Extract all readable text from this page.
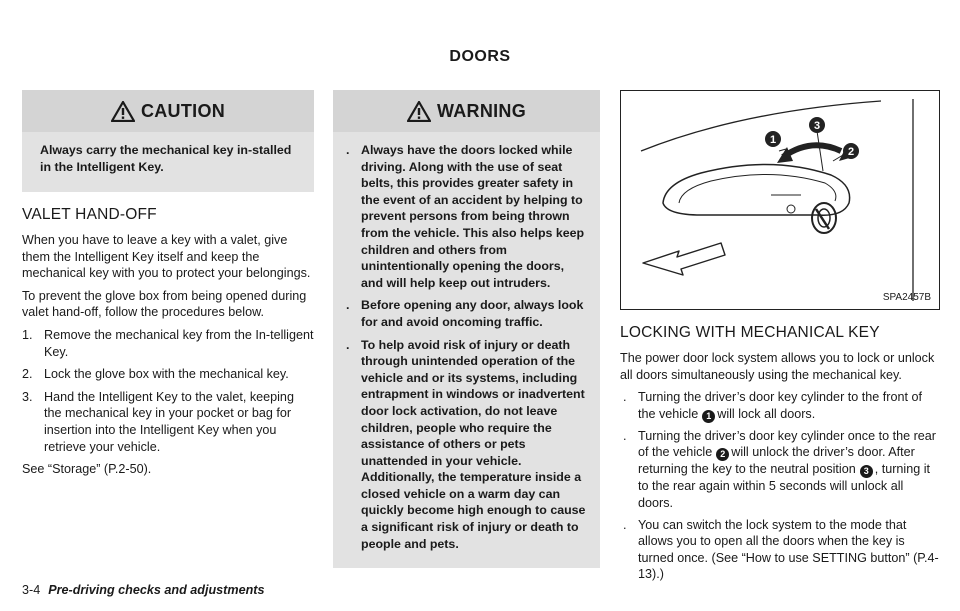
DOORS
CAUTION
Always carry the mechanical key in-stalled in the Intelligent Key.
VALET HAND-OFF

When you have to leave a key with a valet, give them the Intelligent Key itself and keep the mechanical key with you to protect your belongings.

To prevent the glove box from being opened during valet hand-off, follow the procedures below.

1. Remove the mechanical key from the In-telligent Key.
2. Lock the glove box with the mechanical key.
3. Hand the Intelligent Key to the valet, keeping the mechanical key in your pocket or bag for insertion into the Intelligent Key when you retrieve your vehicle.

See “Storage” (P.2-50).

WARNING
. Always have the doors locked while driving. Along with the use of seat belts, this provides greater safety in the event of an accident by helping to prevent persons from being thrown from the vehicle. This also helps keep children and others from unintentionally opening the doors, and will help keep out intruders.
. Before opening any door, always look for and avoid oncoming traffic.
. To help avoid risk of injury or death through unintended operation of the vehicle and or its systems, including entrapment in windows or inadvertent door lock activation, do not leave children, people who require the assistance of others or pets unattended in your vehicle. Additionally, the temperature inside a closed vehicle on a warm day can quickly become high enough to cause a significant risk of injury or death to people and pets.
1
3
2
SPA2457B
LOCKING WITH MECHANICAL KEY

The power door lock system allows you to lock or unlock all doors simultaneously using the mechanical key.

. Turning the driver’s door key cylinder to the front of the vehicle 1 will lock all doors.
. Turning the driver’s door key cylinder once to the rear of the vehicle 2 will unlock the driver’s door. After returning the key to the neutral position 3 , turning it to the rear again within 5 seconds will unlock all doors.
. You can switch the lock system to the mode that allows you to open all the doors when the key is turned once. (See “How to use SETTING button” (P.4-13).)
3-4 Pre-driving checks and adjustments
